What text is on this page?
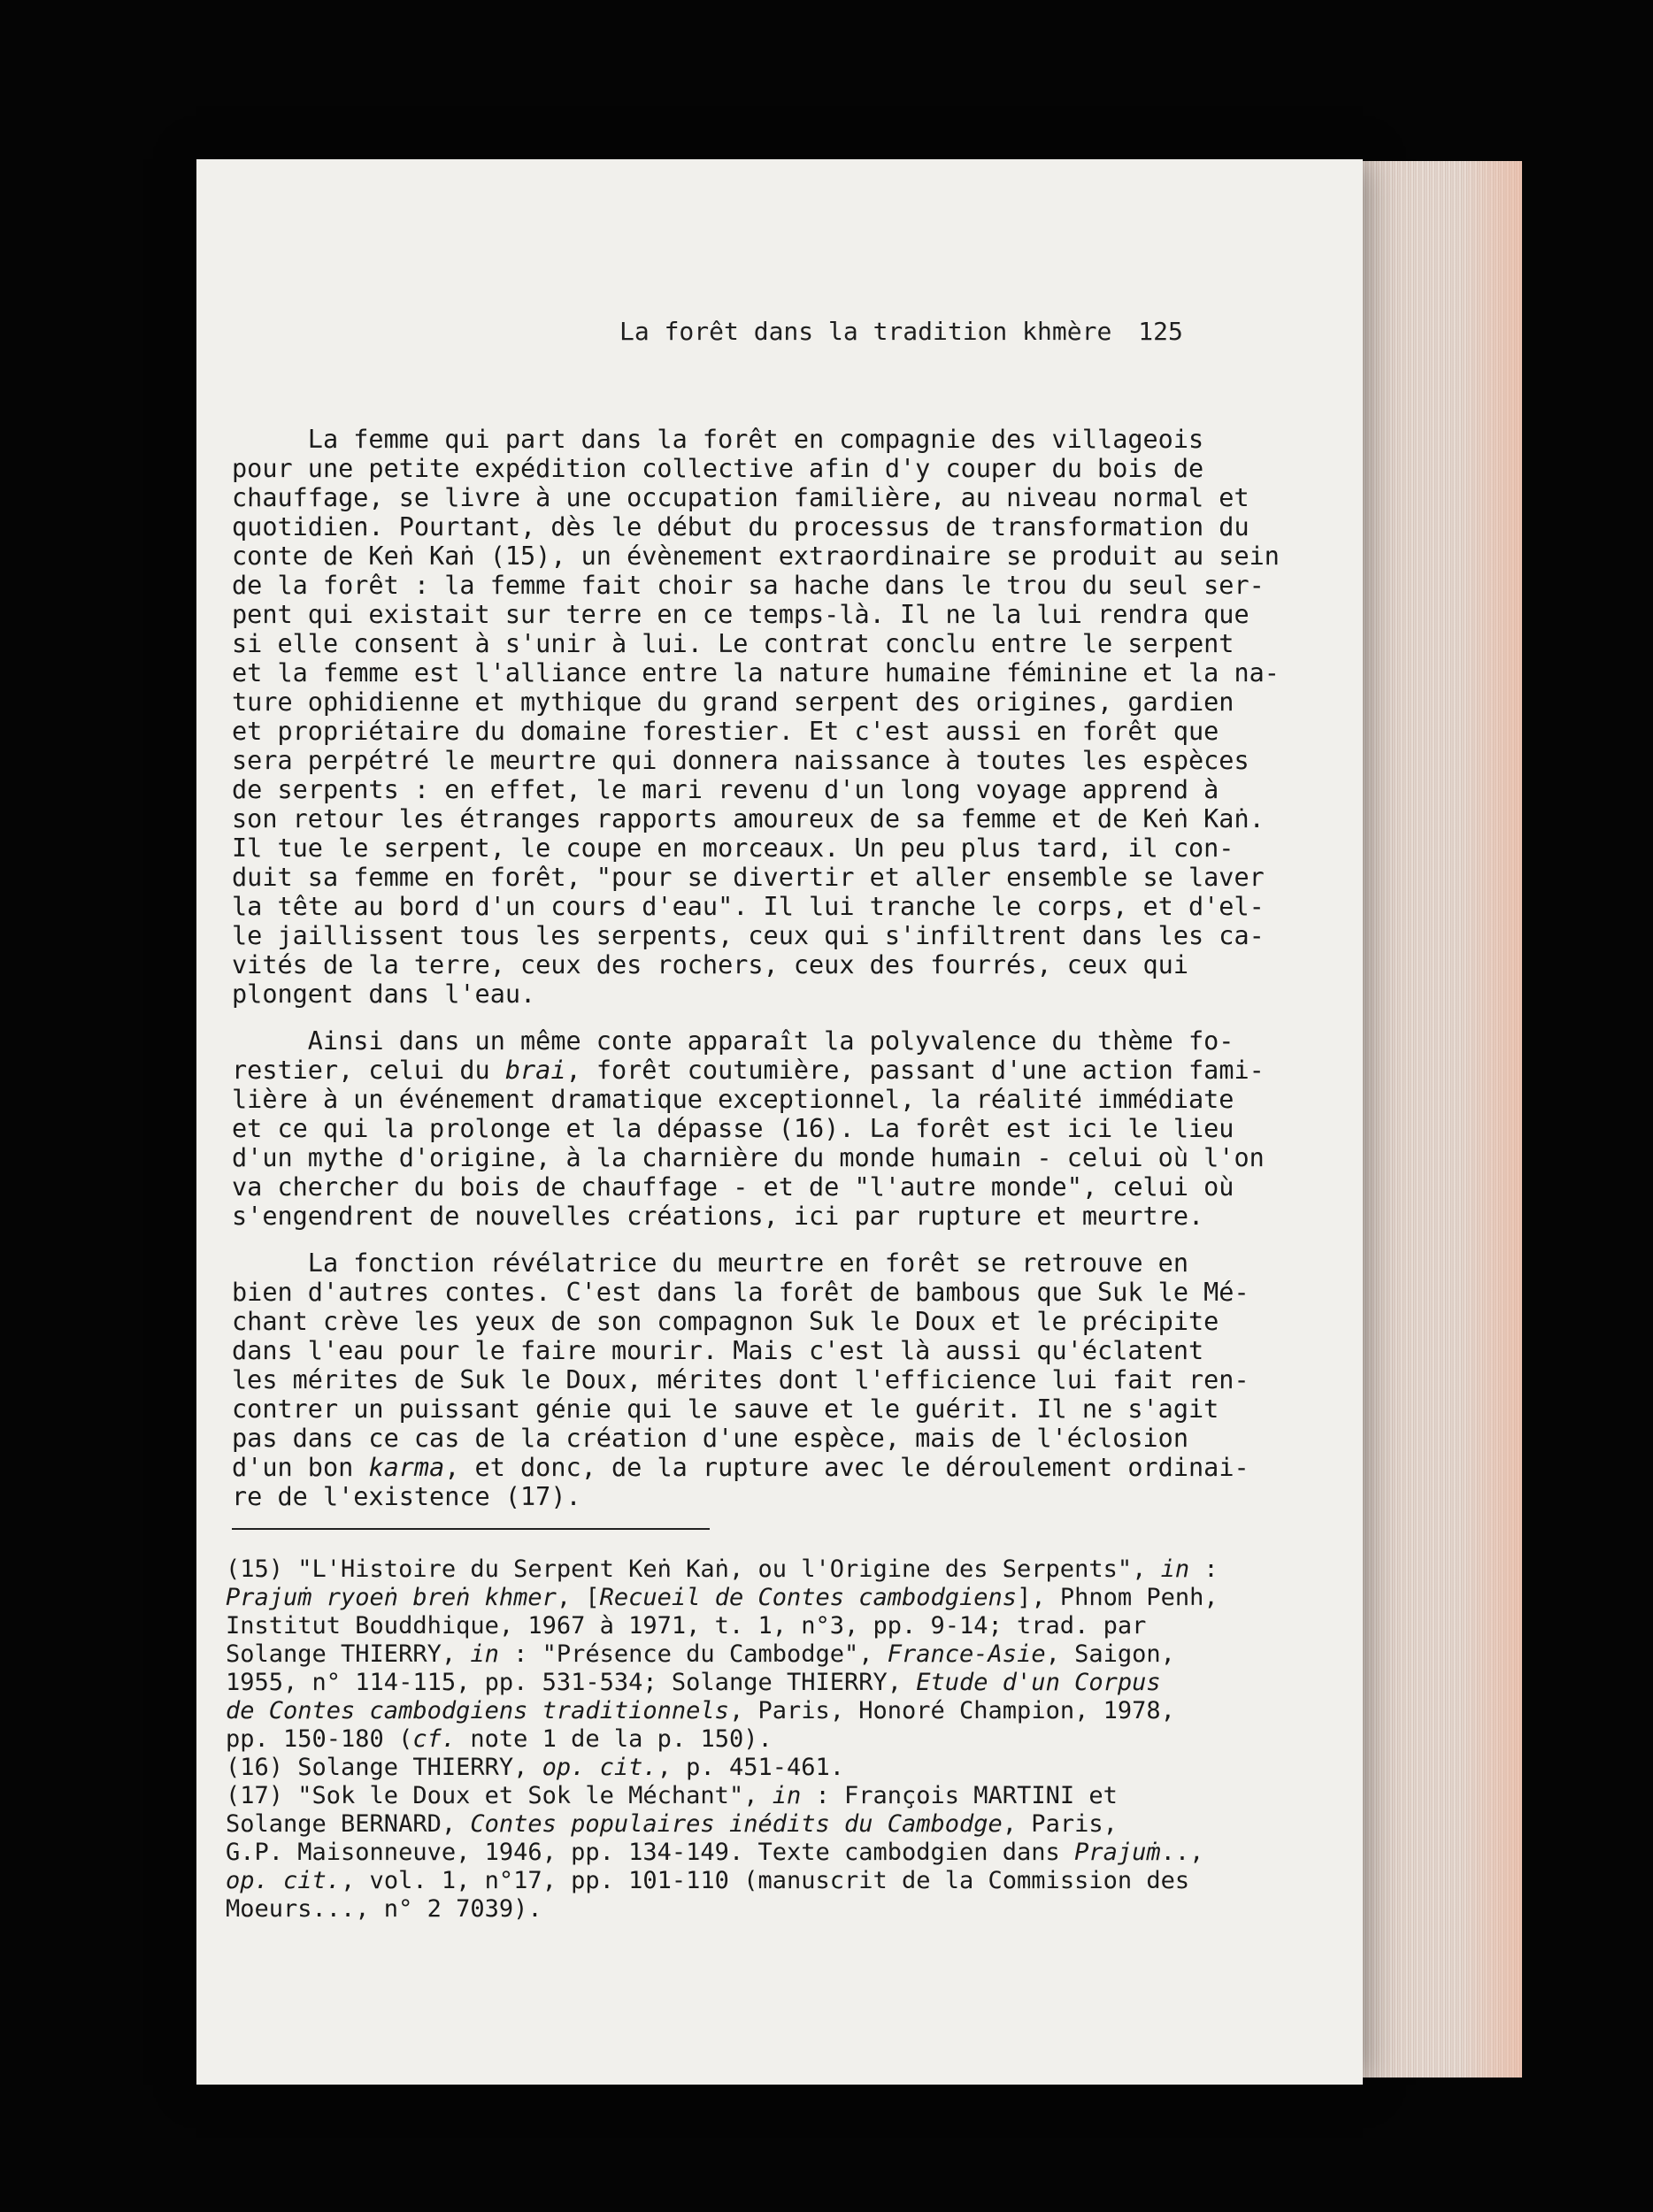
La forêt dans la tradition khmère 125

La femme qui part dans la forêt en compagnie des villageois

pour une petite expédition collective afin d'y couper du bois de

chauffage, se livre à une occupation familière, au niveau normal et

quotidien. Pourtant, dès le début du processus de transformation du

conte de Keṅ Kaṅ (15), un évènement extraordinaire se produit au sein

de la forêt : la femme fait choir sa hache dans le trou du seul ser-

pent qui existait sur terre en ce temps-là. Il ne la lui rendra que

si elle consent à s'unir à lui. Le contrat conclu entre le serpent

et la femme est l'alliance entre la nature humaine féminine et la na-

ture ophidienne et mythique du grand serpent des origines, gardien

et propriétaire du domaine forestier. Et c'est aussi en forêt que

sera perpétré le meurtre qui donnera naissance à toutes les espèces

de serpents : en effet, le mari revenu d'un long voyage apprend à

son retour les étranges rapports amoureux de sa femme et de Keṅ Kaṅ.

Il tue le serpent, le coupe en morceaux. Un peu plus tard, il con-

duit sa femme en forêt, "pour se divertir et aller ensemble se laver

la tête au bord d'un cours d'eau". Il lui tranche le corps, et d'el-

le jaillissent tous les serpents, ceux qui s'infiltrent dans les ca-

vités de la terre, ceux des rochers, ceux des fourrés, ceux qui

plongent dans l'eau.

Ainsi dans un même conte apparaît la polyvalence du thème fo-

restier, celui du brai, forêt coutumière, passant d'une action fami-

lière à un événement dramatique exceptionnel, la réalité immédiate

et ce qui la prolonge et la dépasse (16). La forêt est ici le lieu

d'un mythe d'origine, à la charnière du monde humain - celui où l'on

va chercher du bois de chauffage - et de "l'autre monde", celui où

s'engendrent de nouvelles créations, ici par rupture et meurtre.

La fonction révélatrice du meurtre en forêt se retrouve en

bien d'autres contes. C'est dans la forêt de bambous que Suk le Mé-

chant crève les yeux de son compagnon Suk le Doux et le précipite

dans l'eau pour le faire mourir. Mais c'est là aussi qu'éclatent

les mérites de Suk le Doux, mérites dont l'efficience lui fait ren-

contrer un puissant génie qui le sauve et le guérit. Il ne s'agit

pas dans ce cas de la création d'une espèce, mais de l'éclosion

d'un bon karma, et donc, de la rupture avec le déroulement ordinai-

re de l'existence (17).

(15) "L'Histoire du Serpent Keṅ Kaṅ, ou l'Origine des Serpents", in :

Prajuṁ ryoeṅ breṅ khmer, [Recueil de Contes cambodgiens], Phnom Penh,

Institut Bouddhique, 1967 à 1971, t. 1, n°3, pp. 9-14; trad. par

Solange THIERRY, in : "Présence du Cambodge", France-Asie, Saigon,

1955, n° 114-115, pp. 531-534; Solange THIERRY, Etude d'un Corpus

de Contes cambodgiens traditionnels, Paris, Honoré Champion, 1978,

pp. 150-180 (cf. note 1 de la p. 150).

(16) Solange THIERRY, op. cit., p. 451-461.

(17) "Sok le Doux et Sok le Méchant", in : François MARTINI et

Solange BERNARD, Contes populaires inédits du Cambodge, Paris,

G.P. Maisonneuve, 1946, pp. 134-149. Texte cambodgien dans Prajuṁ..,

op. cit., vol. 1, n°17, pp. 101-110 (manuscrit de la Commission des

Moeurs..., n° 2 7039).
